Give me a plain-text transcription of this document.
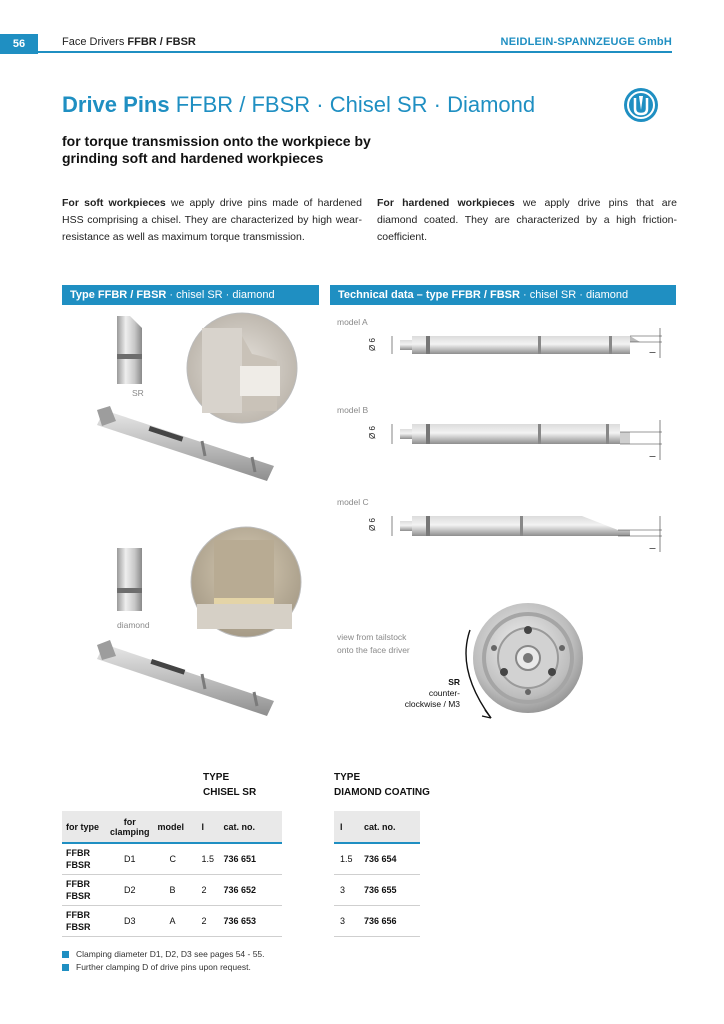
56	Face Drivers FFBR / FBSR	NEIDLEIN-SPANNZEUGE GmbH
Drive Pins FFBR / FBSR · Chisel SR · Diamond
for torque transmission onto the workpiece by grinding soft and hardened workpieces
For soft workpieces we apply drive pins made of hardened HSS comprising a chisel. They are characterized by high wear-resistance as well as maximum torque transmission.
For hardened workpieces we apply drive pins that are diamond coated. They are characterized by a high friction-coefficient.
Type FFBR / FBSR · chisel SR · diamond	Technical data – type FFBR / FBSR · chisel SR · diamond
SR
diamond
model A
model B
model C
Ø 6
Ø 6
Ø 6
l
l
l
view from tailstock
onto the face driver
SR
counter-
clockwise / M3
TYPE
CHISEL SR
TYPE
DIAMOND COATING
for type	for clamping	model	l	cat. no.

FFBR
FBSR	D1	C	1.5	736 651

FFBR
FBSR	D2	B	2	736 652

FFBR
FBSR	D3	A	2	736 653
l	cat. no.
1.5	736 654
3	736 655
3	736 656
Clamping diameter D1, D2, D3 see pages 54 - 55.
Further clamping D of drive pins upon request.
